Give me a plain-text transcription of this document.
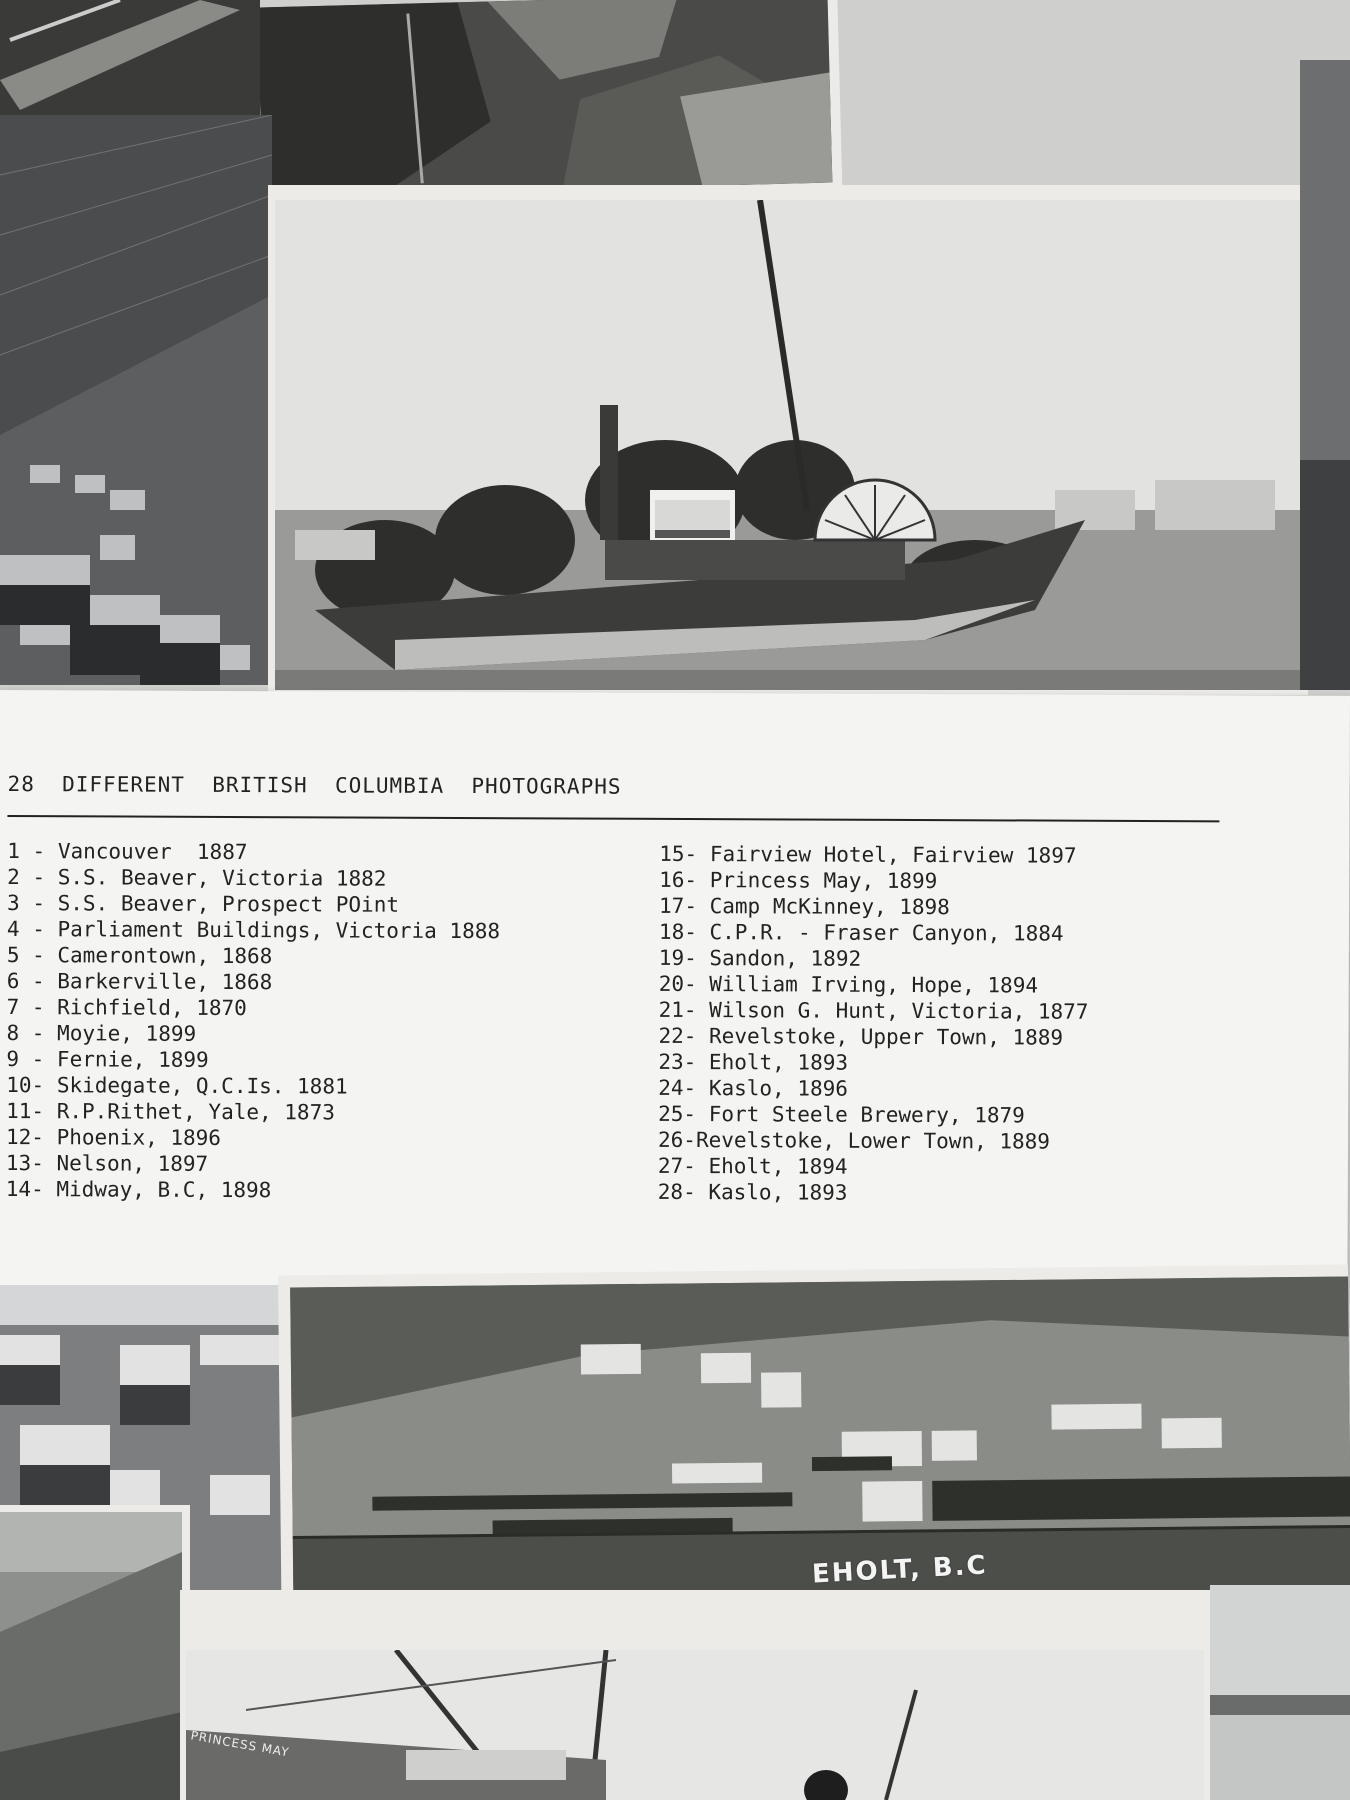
28  DIFFERENT  BRITISH  COLUMBIA  PHOTOGRAPHS
1 - Vancouver  1887
2 - S.S. Beaver, Victoria 1882
3 - S.S. Beaver, Prospect POint
4 - Parliament Buildings, Victoria 1888
5 - Camerontown, 1868
6 - Barkerville, 1868
7 - Richfield, 1870
8 - Moyie, 1899
9 - Fernie, 1899
10- Skidegate, Q.C.Is. 1881
11- R.P.Rithet, Yale, 1873
12- Phoenix, 1896
13- Nelson, 1897
14- Midway, B.C, 1898
15- Fairview Hotel, Fairview 1897
16- Princess May, 1899
17- Camp McKinney, 1898
18- C.P.R. - Fraser Canyon, 1884
19- Sandon, 1892
20- William Irving, Hope, 1894
21- Wilson G. Hunt, Victoria, 1877
22- Revelstoke, Upper Town, 1889
23- Eholt, 1893
24- Kaslo, 1896
25- Fort Steele Brewery, 1879
26-Revelstoke, Lower Town, 1889
27- Eholt, 1894
28- Kaslo, 1893
EHOLT, B.C
PRINCESS MAY
